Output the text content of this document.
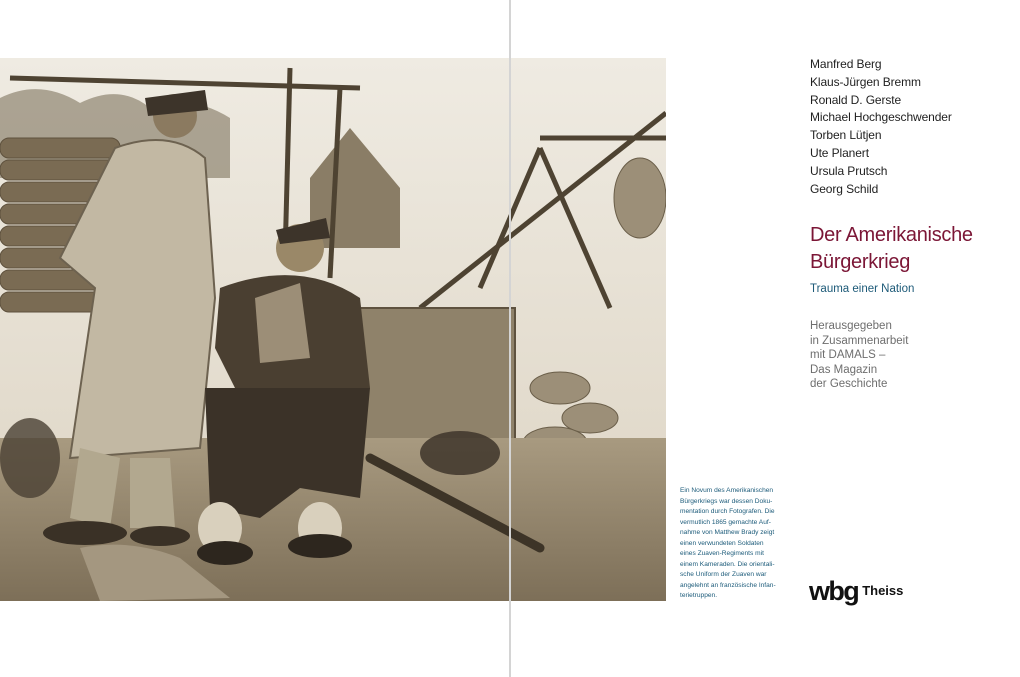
Manfred Berg
Klaus-Jürgen Bremm
Ronald D. Gerste
Michael Hochgeschwender
Torben Lütjen
Ute Planert
Ursula Prutsch
Georg Schild
Der Amerikanische
Bürgerkrieg
Trauma einer Nation
Herausgegeben
in Zusammenarbeit
mit DAMALS –
Das Magazin
der Geschichte
Ein Novum des Amerikanischen
Bürgerkriegs war dessen Doku-
mentation durch Fotografen. Die
vermutlich 1865 gemachte Auf-
nahme von Matthew Brady zeigt
einen verwundeten Soldaten
eines Zuaven-Regiments mit
einem Kameraden. Die orientali-
sche Uniform der Zuaven war
angelehnt an französische Infan-
terietruppen.	wbg Theiss
